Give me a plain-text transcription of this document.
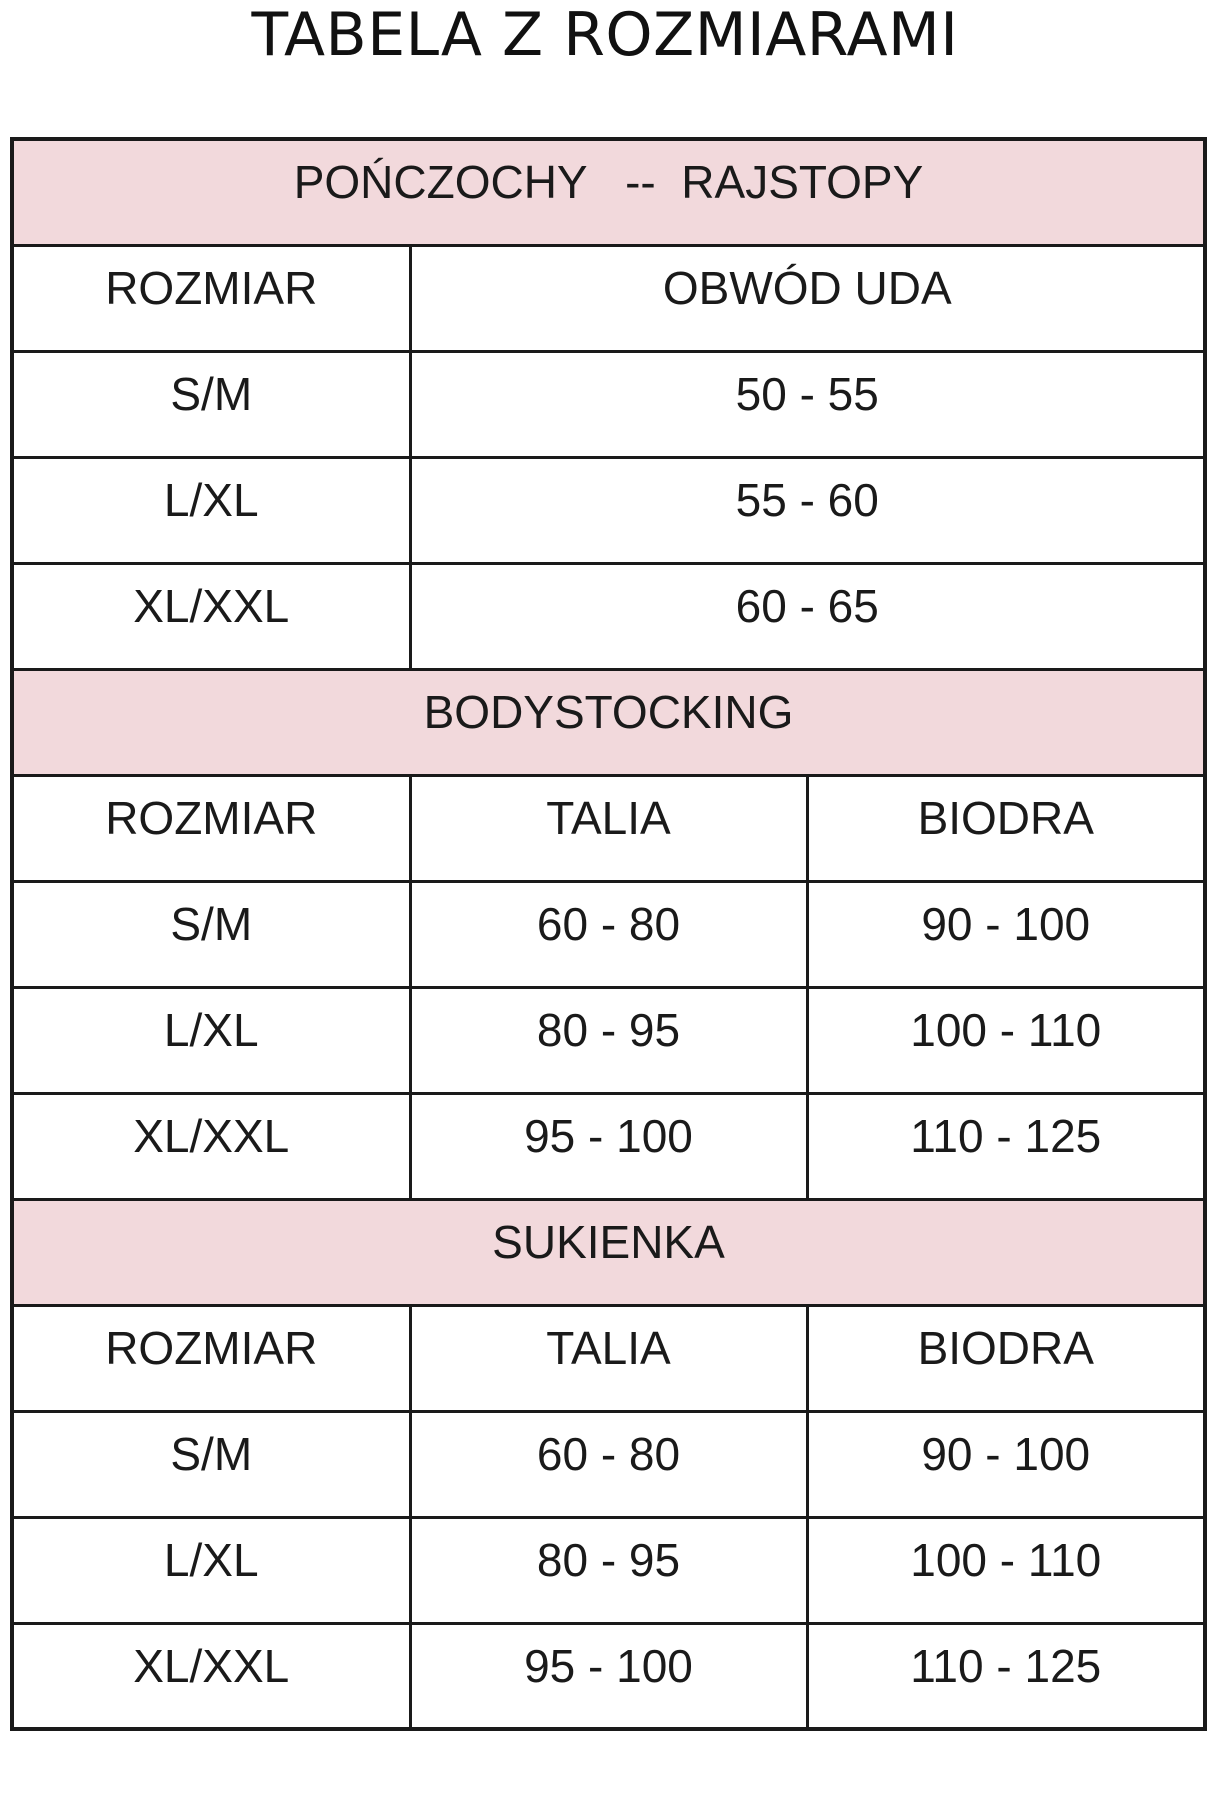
TABELA Z ROZMIARAMI
POŃCZOCHY   --  RAJSTOPY		
ROZMIAR	OBWÓD UDA	
S/M	50 - 55	
L/XL	55 - 60	
XL/XXL	60 - 65	
BODYSTOCKING		
ROZMIAR	TALIA	BIODRA
S/M	60 - 80	90 - 100
L/XL	80 - 95	100 - 110
XL/XXL	95 - 100	110 - 125
SUKIENKA		
ROZMIAR	TALIA	BIODRA
S/M	60 - 80	90 - 100
L/XL	80 - 95	100 - 110
XL/XXL	95 - 100	110 - 125
